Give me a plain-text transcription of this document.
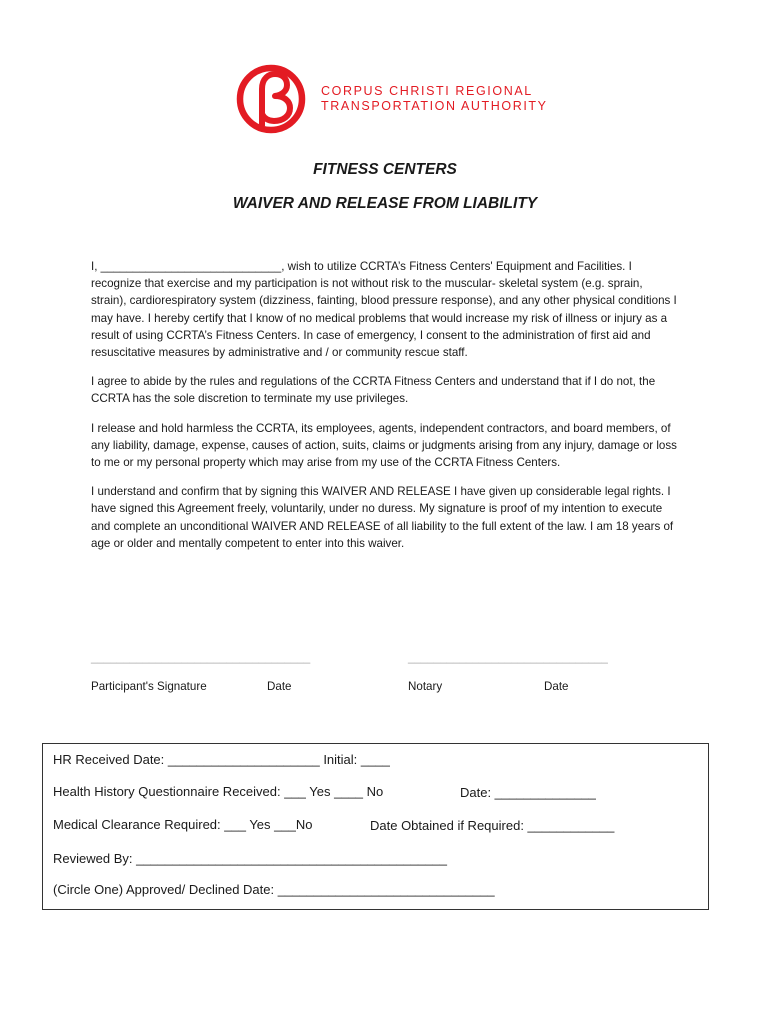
CORPUS CHRISTI REGIONAL
TRANSPORTATION AUTHORITY
FITNESS CENTERS
WAIVER AND RELEASE FROM LIABILITY

I, ____________________________, wish to utilize CCRTA’s Fitness Centers' Equipment and Facilities. I recognize that exercise and my participation is not without risk to the muscular- skeletal system (e.g. sprain, strain), cardiorespiratory system (dizziness, fainting, blood pressure response), and any other physical conditions I may have. I hereby certify that I know of no medical problems that would increase my risk of illness or injury as a result of using CCRTA’s Fitness Centers. In case of emergency, I consent to the administration of first aid and resuscitative measures by administrative and / or community rescue staff.

I agree to abide by the rules and regulations of the CCRTA Fitness Centers and understand that if I do not, the CCRTA has the sole discretion to terminate my use privileges.

I release and hold harmless the CCRTA, its employees, agents, independent contractors, and board members, of any liability, damage, expense, causes of action, suits, claims or judgments arising from any injury, damage or loss to me or my personal property which may arise from my use of the CCRTA Fitness Centers.

I understand and confirm that by signing this WAIVER AND RELEASE I have given up considerable legal rights. I have signed this Agreement freely, voluntarily, under no duress. My signature is proof of my intention to execute and complete an unconditional WAIVER AND RELEASE of all liability to the full extent of the law. I am 18 years of age or older and mentally competent to enter into this waiver.

__________________________________	_______________________________
Participant's Signature	Date	Notary	Date
HR Received Date: _____________________ Initial: ____
Health History Questionnaire Received: ___ Yes ____ No	Date: ______________
Medical Clearance Required: ___ Yes ___No	Date Obtained if Required: ____________
Reviewed By: ___________________________________________
(Circle One) Approved/ Declined Date: ______________________________
